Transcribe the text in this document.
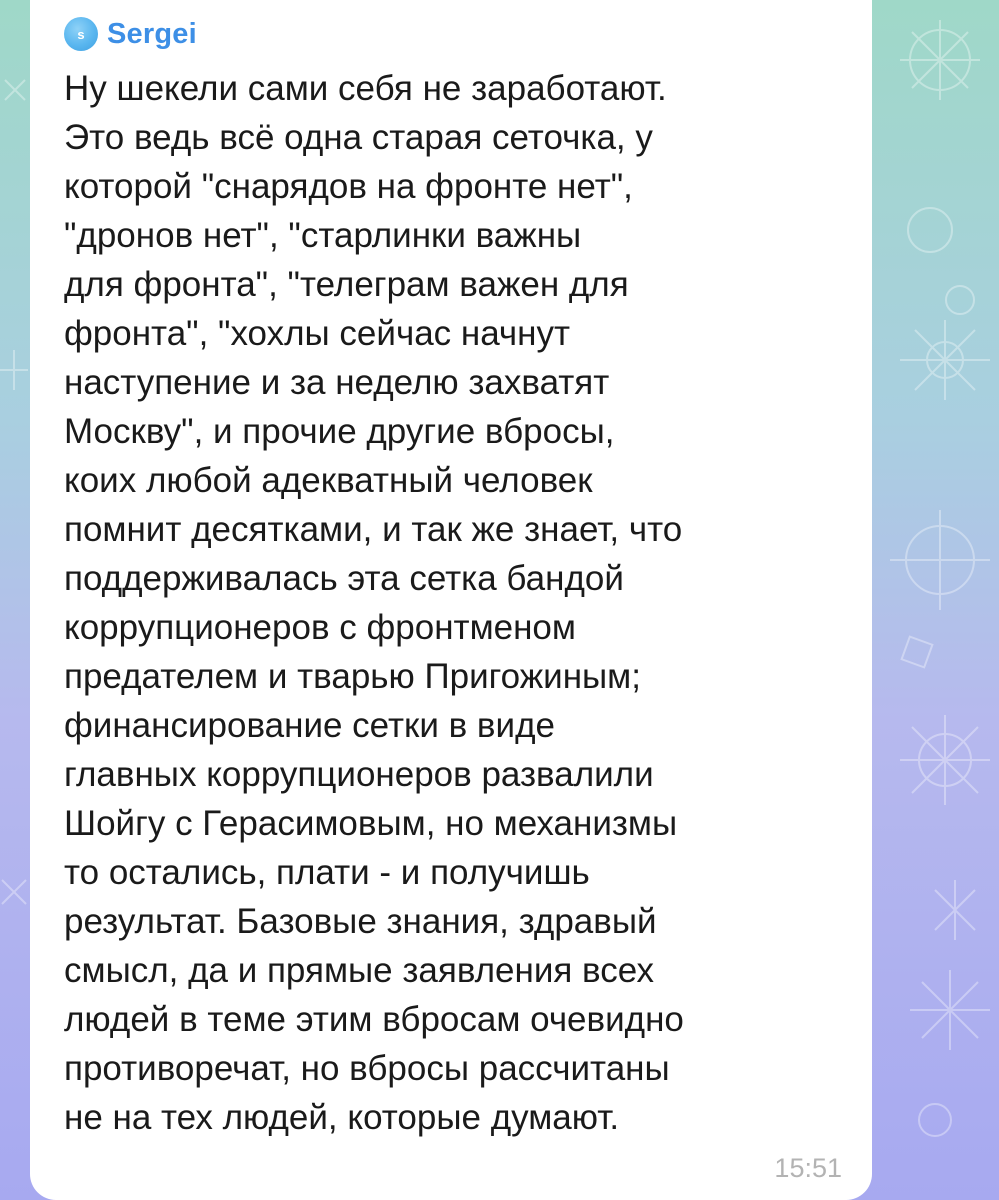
s Sergei
Ну шекели сами себя не заработают.
Это ведь всё одна старая сеточка, у
которой "снарядов на фронте нет",
"дронов нет", "старлинки важны
для фронта", "телеграм важен для
фронта", "хохлы сейчас начнут
наступение и за неделю захватят
Москву", и прочие другие вбросы,
коих любой адекватный человек
помнит десятками, и так же знает, что
поддерживалась эта сетка бандой
коррупционеров с фронтменом
предателем и тварью Пригожиным;
финансирование сетки в виде
главных коррупционеров развалили
Шойгу с Герасимовым, но механизмы
то остались, плати - и получишь
результат. Базовые знания, здравый
смысл, да и прямые заявления всех
людей в теме этим вбросам очевидно
противоречат, но вбросы рассчитаны
не на тех людей, которые думают.
15:51
